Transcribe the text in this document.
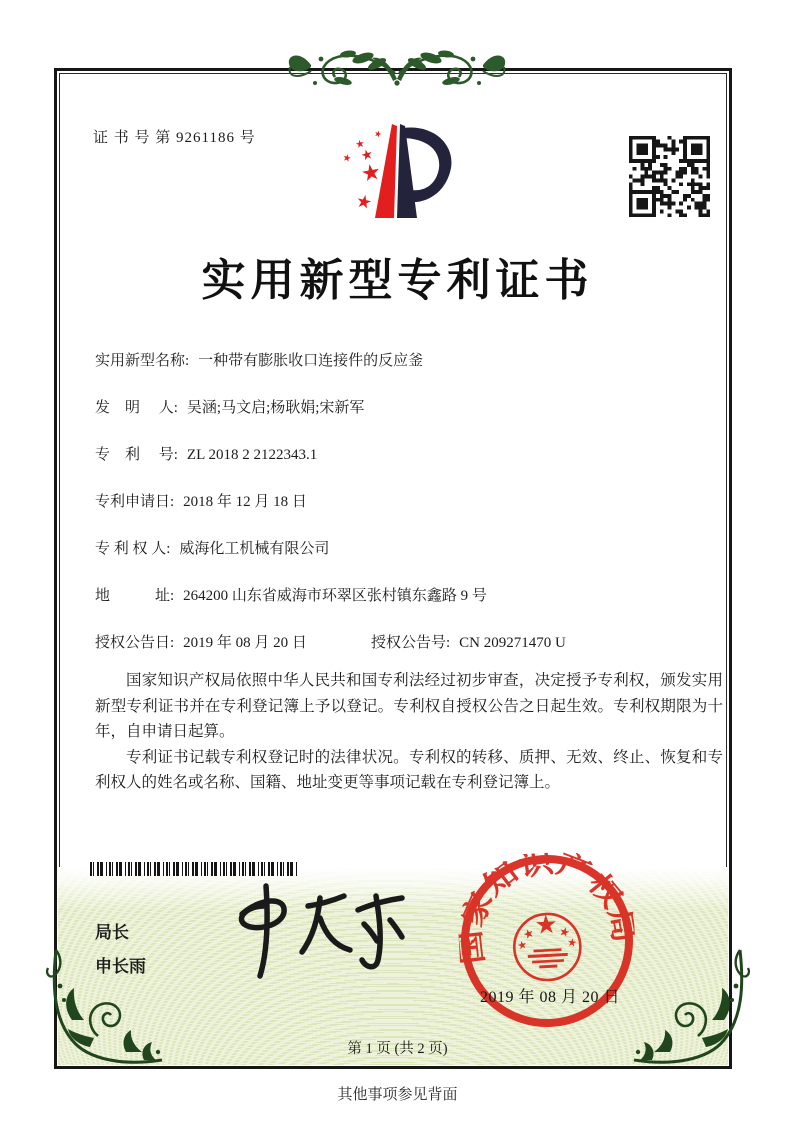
证 书 号 第 9261186 号
实用新型专利证书
实用新型名称: 一种带有膨胀收口连接件的反应釜
发　明　 人: 吴涵;马文启;杨耿娟;宋新军
专　利　 号: ZL 2018 2 2122343.1
专利申请日: 2018 年 12 月 18 日
专 利 权 人: 威海化工机械有限公司
地　　　址: 264200 山东省威海市环翠区张村镇东鑫路 9 号
授权公告日: 2019 年 08 月 20 日	授权公告号: CN 209271470 U

国家知识产权局依照中华人民共和国专利法经过初步审查，决定授予专利权，颁发实用新型专利证书并在专利登记簿上予以登记。专利权自授权公告之日起生效。专利权期限为十年，自申请日起算。

专利证书记载专利权登记时的法律状况。专利权的转移、质押、无效、终止、恢复和专利权人的姓名或名称、国籍、地址变更等事项记载在专利登记簿上。

局长
申长雨
国家知识产权局
2019 年 08 月 20 日
第 1 页 (共 2 页)
其他事项参见背面
